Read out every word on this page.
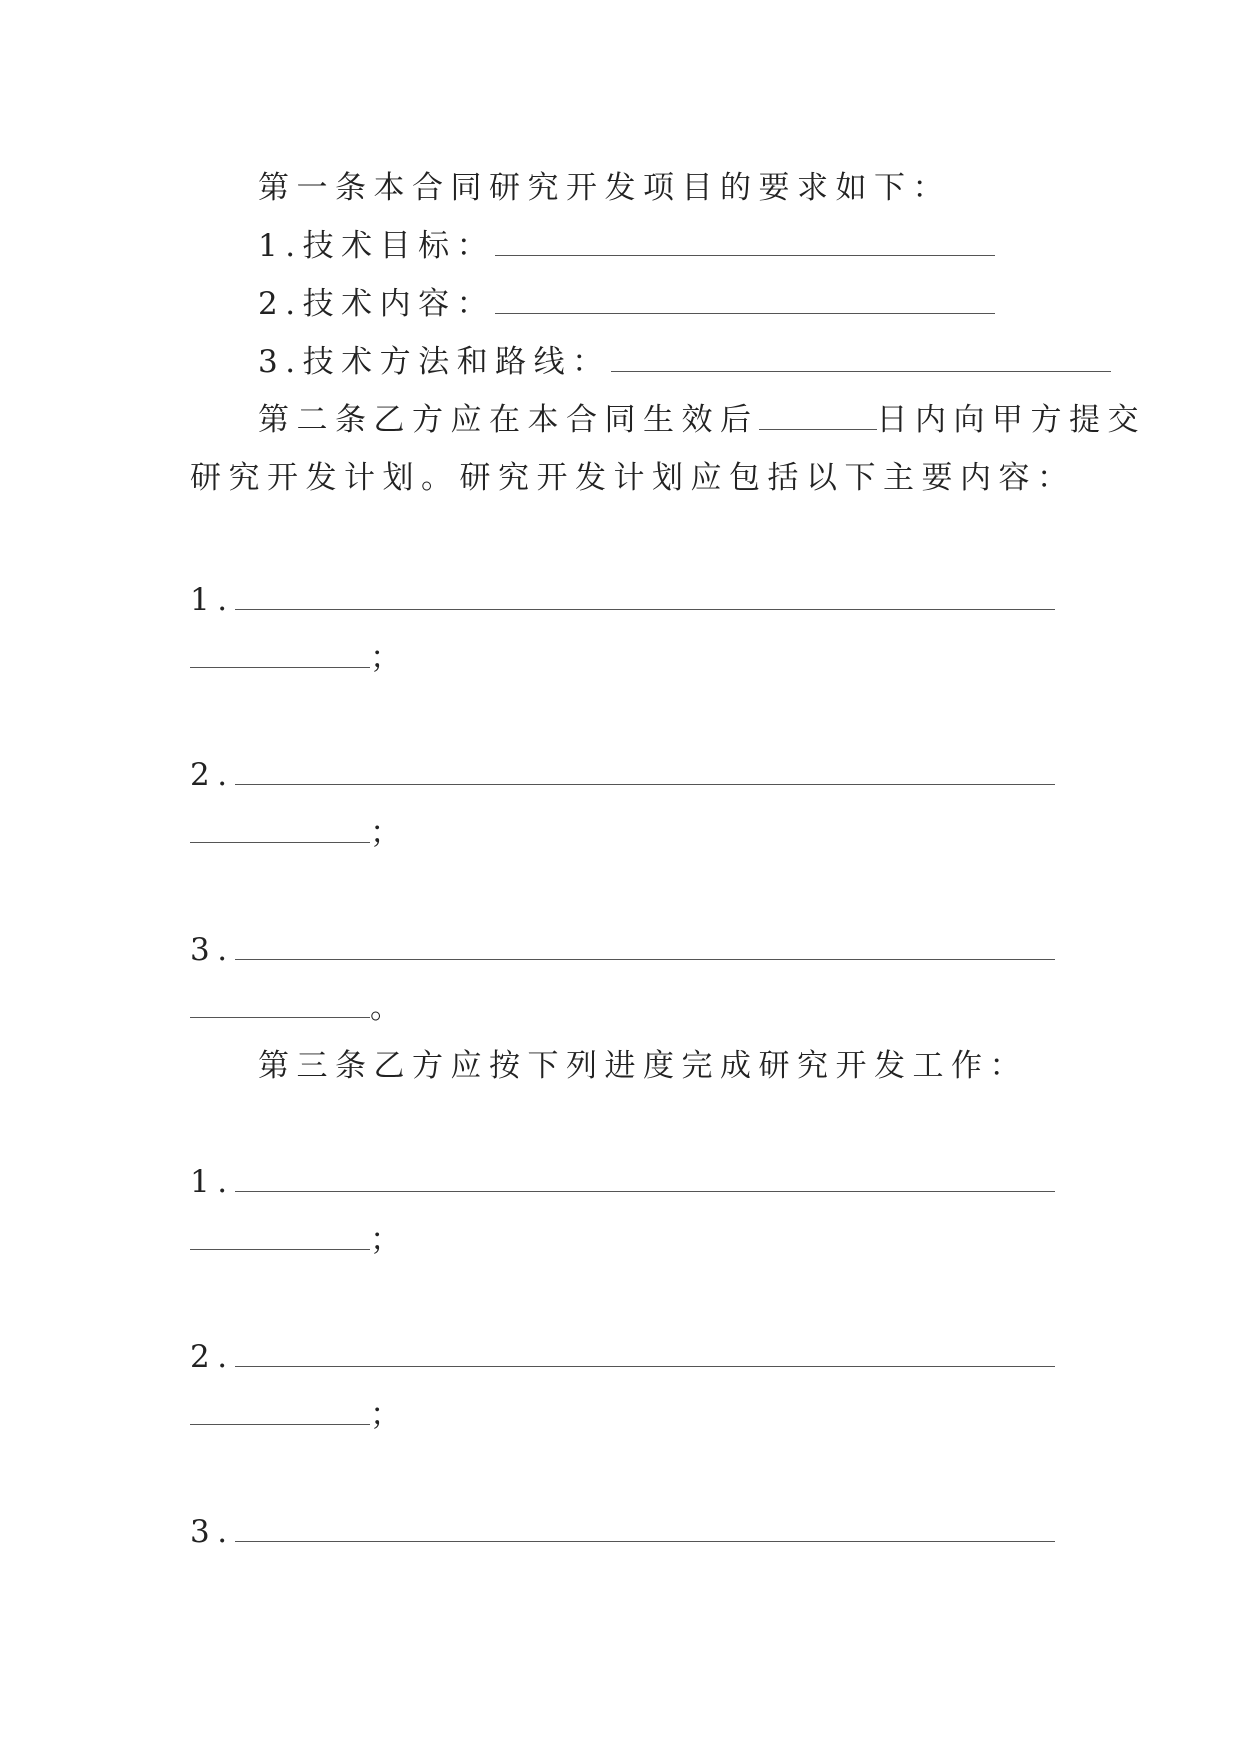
第一条本合同研究开发项目的要求如下：
1.技术目标：
2.技术内容：
3.技术方法和路线：
第二条乙方应在本合同生效后	日内向甲方提交
研究开发计划。研究开发计划应包括以下主要内容：
1.
；
2.
；
3.
。
第三条乙方应按下列进度完成研究开发工作：
1.
；
2.
；
3.
